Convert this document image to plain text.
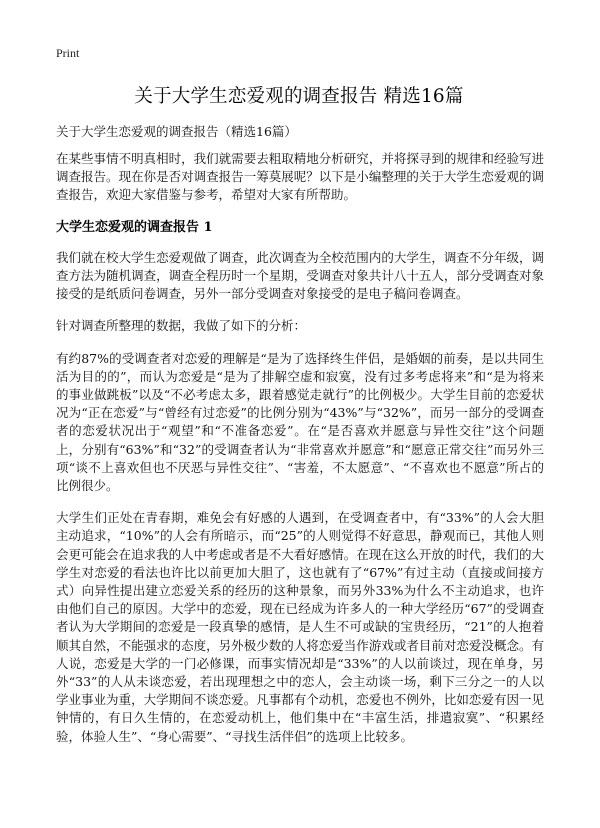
Print
关于大学生恋爱观的调查报告 精选16篇

关于大学生恋爱观的调查报告（精选16篇）

在某些事情不明真相时，我们就需要去粗取精地分析研究，并将探寻到的规律和经验写进调查报告。现在你是否对调查报告一筹莫展呢？以下是小编整理的关于大学生恋爱观的调查报告，欢迎大家借鉴与参考，希望对大家有所帮助。

大学生恋爱观的调查报告 1

我们就在校大学生恋爱观做了调查，此次调查为全校范围内的大学生，调查不分年级，调查方法为随机调查，调查全程历时一个星期，受调查对象共计八十五人，部分受调查对象接受的是纸质问卷调查，另外一部分受调查对象接受的是电子稿问卷调查。

针对调查所整理的数据，我做了如下的分析：

有约87%的受调查者对恋爱的理解是“是为了选择终生伴侣，是婚姻的前奏，是以共同生活为目的的”，而认为恋爱是“是为了排解空虚和寂寞，没有过多考虑将来”和“是为将来的事业做跳板”以及“不必考虑太多，跟着感觉走就行”的比例极少。大学生目前的恋爱状况为“正在恋爱”与“曾经有过恋爱”的比例分别为“43%”与“32%”，而另一部分的受调查者的恋爱状况出于“观望”和“不准备恋爱”。在“是否喜欢并愿意与异性交往”这个问题上，分别有“63%”和“32”的受调查者认为“非常喜欢并愿意”和“愿意正常交往”而另外三项“谈不上喜欢但也不厌恶与异性交往”、“害羞，不太愿意”、“不喜欢也不愿意”所占的比例很少。

大学生们正处在青春期，难免会有好感的人遇到，在受调查者中，有“33%”的人会大胆主动追求，“10%”的人会有所暗示，而“25”的人则觉得不好意思，静观而已，其他人则会更可能会在追求我的人中考虑或者是不大看好感情。在现在这么开放的时代，我们的大学生对恋爱的看法也许比以前更加大胆了，这也就有了“67%”有过主动（直接或间接方式）向异性提出建立恋爱关系的经历的这种景象，而另外33%为什么不主动追求，也许由他们自己的原因。大学中的恋爱，现在已经成为许多人的一种大学经历“67”的受调查者认为大学期间的恋爱是一段真挚的感情，是人生不可或缺的宝贵经历，“21”的人抱着顺其自然，不能强求的态度，另外极少数的人将恋爱当作游戏或者目前对恋爱没概念。有人说，恋爱是大学的一门必修课，而事实情况却是“33%”的人以前谈过，现在单身，另外“33”的人从未谈恋爱，若出现理想之中的恋人，会主动谈一场，剩下三分之一的人以学业事业为重，大学期间不谈恋爱。凡事都有个动机，恋爱也不例外，比如恋爱有因一见钟情的，有日久生情的，在恋爱动机上，他们集中在“丰富生活，排遣寂寞”、“积累经验，体验人生”、“身心需要”、“寻找生活伴侣”的选项上比较多。
